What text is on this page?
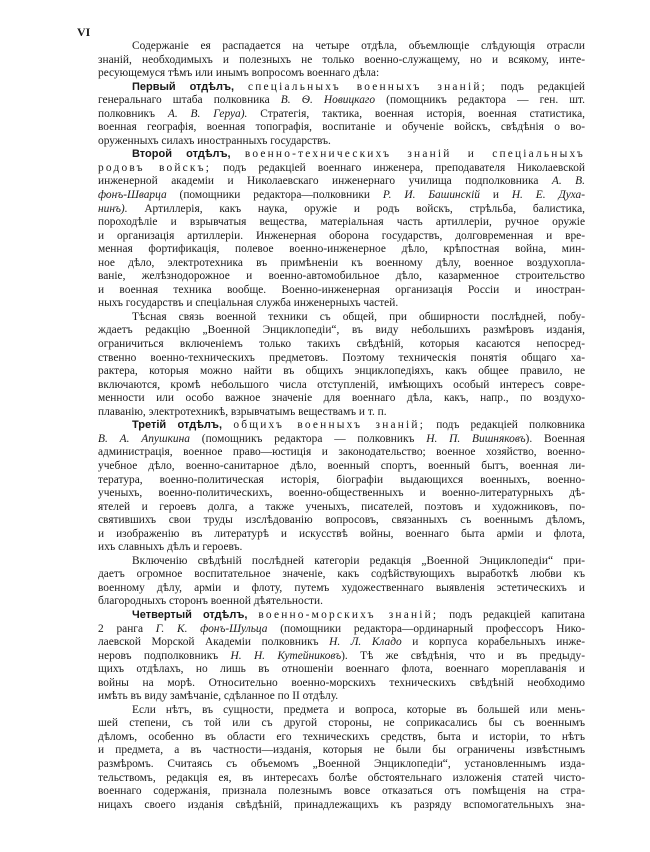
VI
Содержаніе ея распадается на четыре отдѣла, объемлющіе слѣдующія отрасли
знаній, необходимыхъ и полезныхъ не только военно-служащему, но и всякому, инте-
ресующемуся тѣмъ или инымъ вопросомъ военнаго дѣла:
Первый отдѣлъ, спеціальныхъ военныхъ знаній; подъ редакціей
генеральнаго штаба полковника В. Ѳ. Новицкаго (помощникъ редактора — ген. шт.
полковникъ А. В. Геруа). Стратегія, тактика, военная исторія, военная статистика,
военная географія, военная топографія, воспитаніе и обученіе войскъ, свѣдѣнія о во-
оруженныхъ силахъ иностранныхъ государствъ.
Второй отдѣлъ, военно-техническихъ знаній и спеціальныхъ
родовъ войскъ; подъ редакціей военнаго инженера, преподавателя Николаевской
инженерной академіи и Николаевскаго инженернаго училища подполковника А. В.
фонъ-Шварца (помощники редактора—полковники Р. И. Башинскій и Н. Е. Духа-
нинъ). Артиллерія, какъ наука, оружіе и родъ войскъ, стрѣльба, балистика,
пороходѣліе и взрывчатыя вещества, матеріальная часть артиллеріи, ручное оружіе
и организація артиллеріи. Инженерная оборона государствъ, долговременная и вре-
менная фортификація, полевое военно-инженерное дѣло, крѣпостная война, мин-
ное дѣло, электротехника въ примѣненіи къ военному дѣлу, военное воздухопла-
ваніе, желѣзнодорожное и военно-автомобильное дѣло, казарменное строительство
и военная техника вообще. Военно-инженерная организація Россіи и иностран-
ныхъ государствъ и спеціальная служба инженерныхъ частей.
Тѣсная связь военной техники съ общей, при обширности послѣдней, побу-
ждаетъ редакцію „Военной Энциклопедіи“, въ виду небольшихъ размѣровъ изданія,
ограничиться включеніемъ только такихъ свѣдѣній, которыя касаются непосред-
ственно военно-техническихъ предметовъ. Поэтому техническія понятія общаго ха-
рактера, которыя можно найти въ общихъ энциклопедіяхъ, какъ общее правило, не
включаются, кромѣ небольшого числа отступленій, имѣющихъ особый интересъ совре-
менности или особо важное значеніе для военнаго дѣла, какъ, напр., по воздухо-
плаванію, электротехникѣ, взрывчатымъ веществамъ и т. п.
Третій отдѣлъ, общихъ военныхъ знаній; подъ редакціей полковника
В. А. Апушкина (помощникъ редактора — полковникъ Н. П. Вишняковъ). Военная
администрація, военное право—юстиція и законодательство; военное хозяйство, военно-
учебное дѣло, военно-санитарное дѣло, военный спортъ, военный бытъ, военная ли-
тература, военно-политическая исторія, біографіи выдающихся военныхъ, военно-
ученыхъ, военно-политическихъ, военно-общественныхъ и военно-литературныхъ дѣ-
ятелей и героевъ долга, а также ученыхъ, писателей, поэтовъ и художниковъ, по-
святившихъ свои труды изслѣдованію вопросовъ, связанныхъ съ военнымъ дѣломъ,
и изображенію въ литературѣ и искусствѣ войны, военнаго быта арміи и флота,
ихъ славныхъ дѣлъ и героевъ.
Включенію свѣдѣній послѣдней категоріи редакція „Военной Энциклопедіи“ при-
даетъ огромное воспитательное значеніе, какъ содѣйствующихъ выработкѣ любви къ
военному дѣлу, арміи и флоту, путемъ художественнаго выявленія эстетическихъ и
благородныхъ сторонъ военной дѣятельности.
Четвертый отдѣлъ, военно-морскихъ знаній; подъ редакціей капитана
2 ранга Г. К. фонъ-Шульца (помощники редактора—ординарный профессоръ Нико-
лаевской Морской Академіи полковникъ Н. Л. Кладо и корпуса корабельныхъ инже-
неровъ подполковникъ Н. Н. Кутейниковъ). Тѣ же свѣдѣнія, что и въ предыду-
щихъ отдѣлахъ, но лишь въ отношеніи военнаго флота, военнаго мореплаванія и
войны на морѣ. Относительно военно-морскихъ техническихъ свѣдѣній необходимо
имѣть въ виду замѣчаніе, сдѣланное по II отдѣлу.
Если нѣтъ, въ сущности, предмета и вопроса, которые въ большей или мень-
шей степени, съ той или съ другой стороны, не соприкасались бы съ военнымъ
дѣломъ, особенно въ области его техническихъ средствъ, быта и исторіи, то нѣтъ
и предмета, а въ частности—изданія, которыя не были бы ограничены извѣстнымъ
размѣромъ. Считаясь съ объемомъ „Военной Энциклопедіи“, установленнымъ изда-
тельствомъ, редакція ея, въ интересахъ болѣе обстоятельнаго изложенія статей чисто-
военнаго содержанія, признала полезнымъ вовсе отказаться отъ помѣщенія на стра-
ницахъ своего изданія свѣдѣній, принадлежащихъ къ разряду вспомогательныхъ зна-
